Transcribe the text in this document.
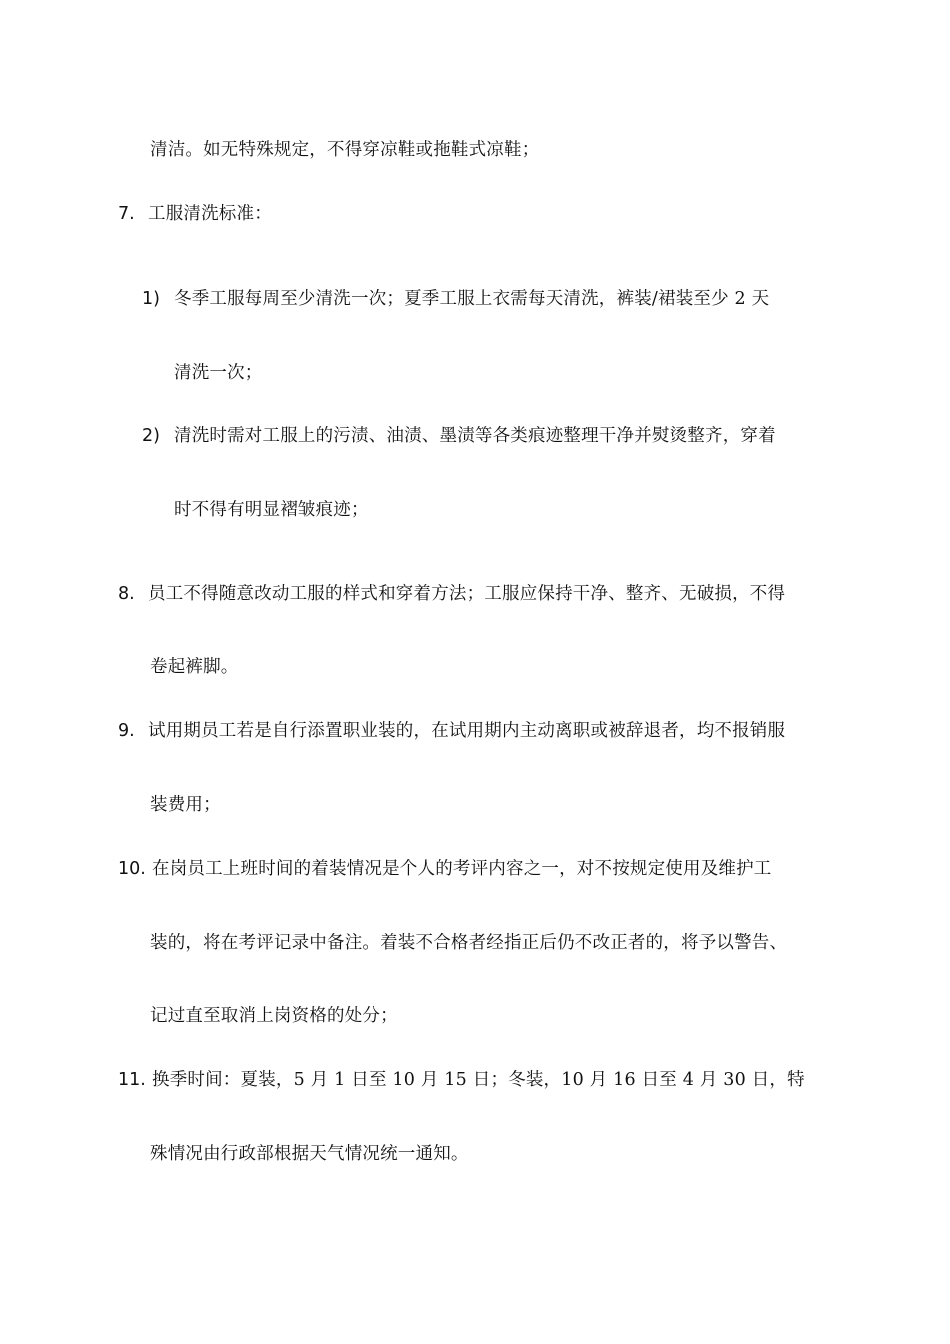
清洁。如无特殊规定，不得穿凉鞋或拖鞋式凉鞋；
7. 工服清洗标准：
1) 冬季工服每周至少清洗一次；夏季工服上衣需每天清洗，裤装/裙装至少 2 天
清洗一次；
2) 清洗时需对工服上的污渍、油渍、墨渍等各类痕迹整理干净并熨烫整齐，穿着
时不得有明显褶皱痕迹；
8. 员工不得随意改动工服的样式和穿着方法；工服应保持干净、整齐、无破损，不得
卷起裤脚。
9. 试用期员工若是自行添置职业装的，在试用期内主动离职或被辞退者，均不报销服
装费用；
10. 在岗员工上班时间的着装情况是个人的考评内容之一，对不按规定使用及维护工
装的，将在考评记录中备注。着装不合格者经指正后仍不改正者的，将予以警告、
记过直至取消上岗资格的处分；
11. 换季时间：夏装，5 月 1 日至 10 月 15 日；冬装，10 月 16 日至 4 月 30 日，特
殊情况由行政部根据天气情况统一通知。
